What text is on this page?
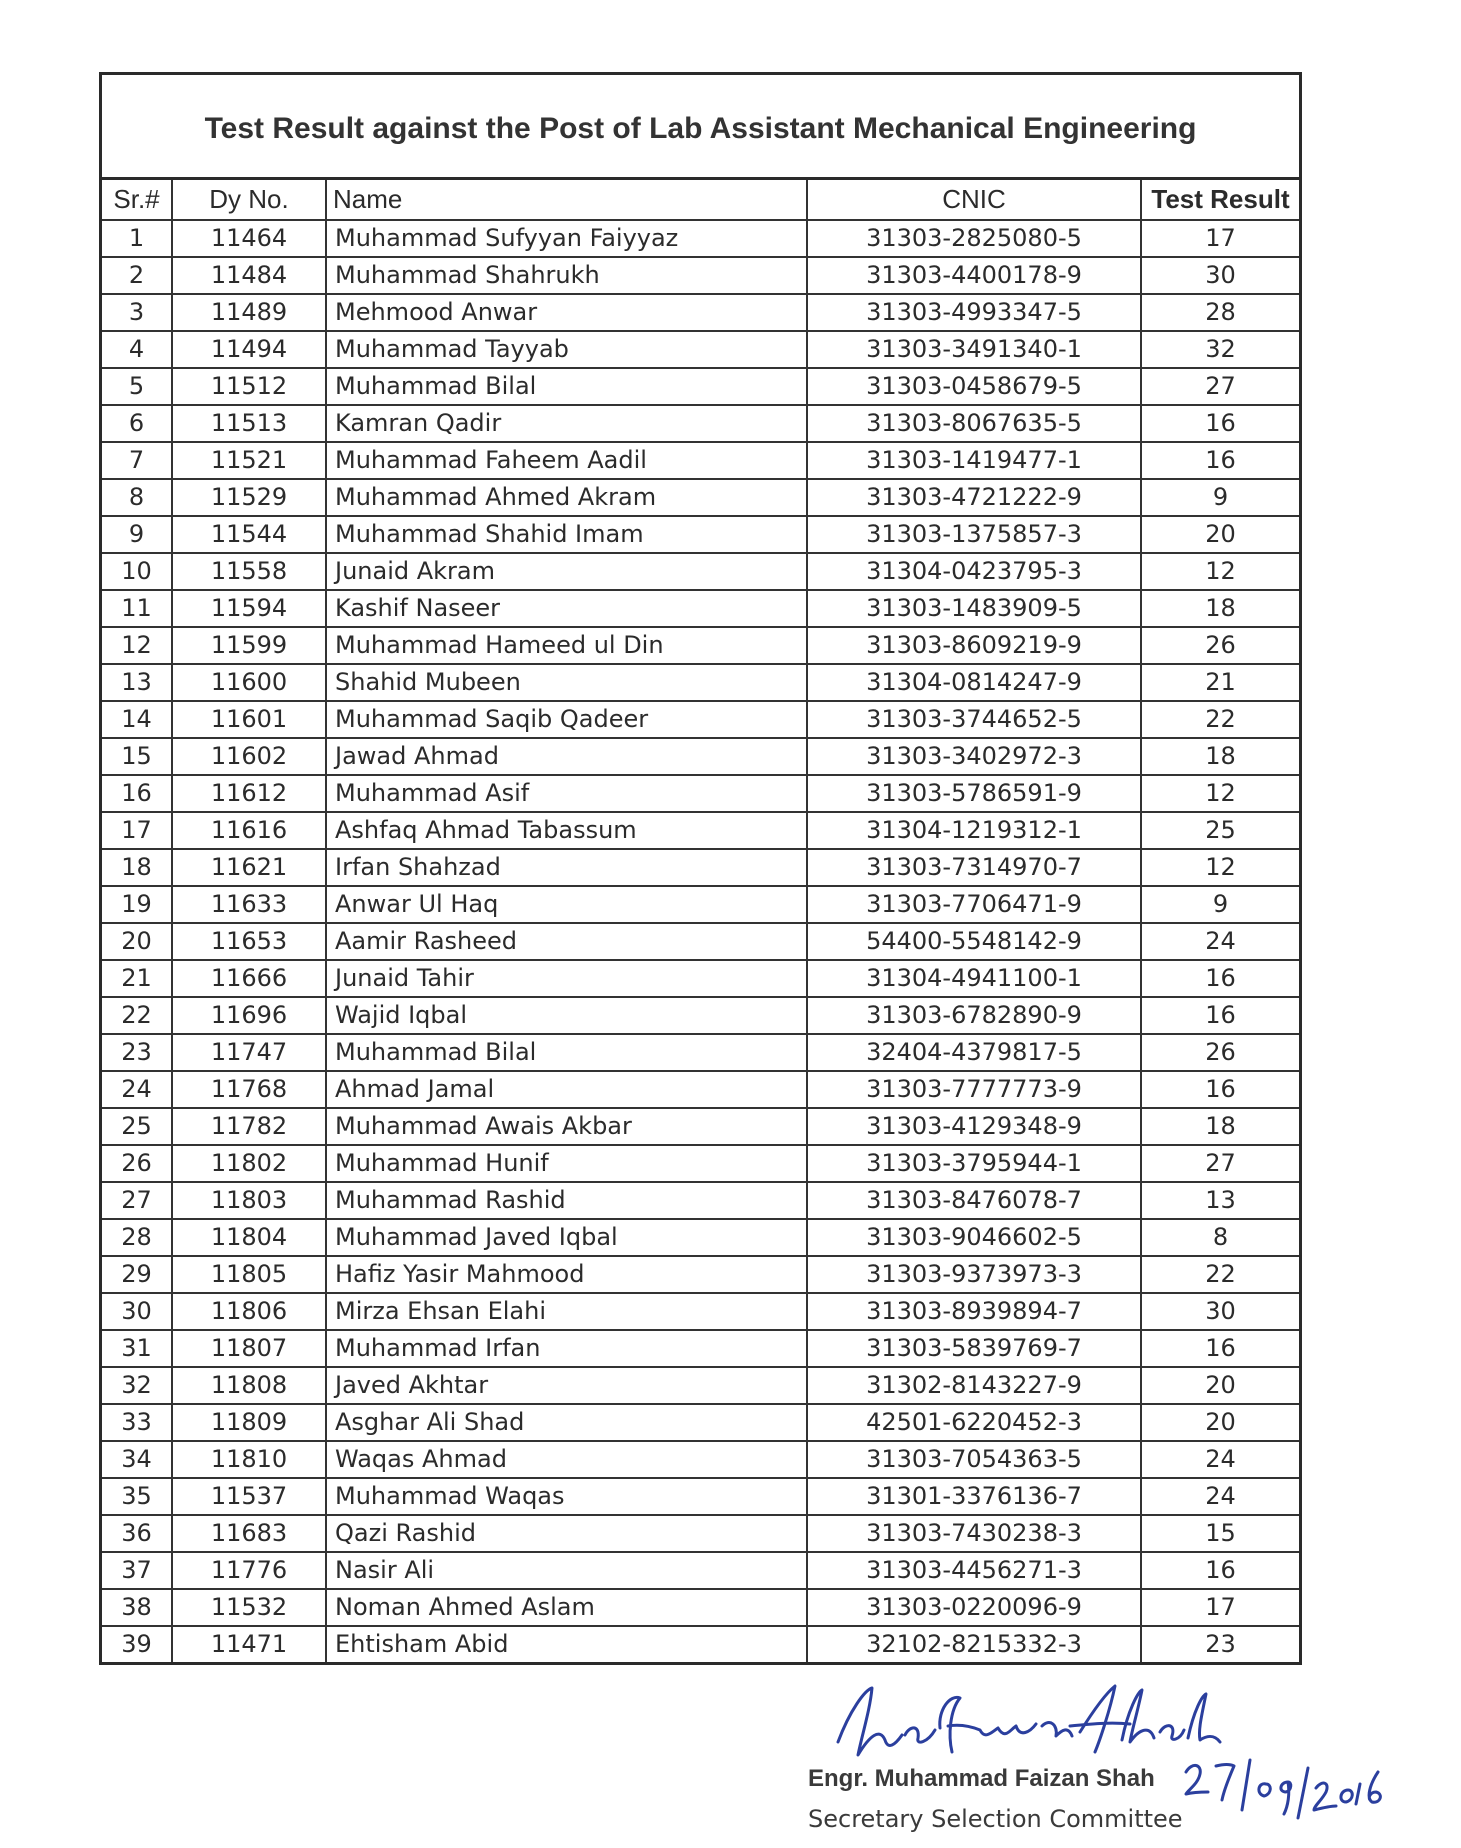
Test Result against the Post of Lab Assistant Mechanical Engineering
Sr.#	Dy No.	Name	CNIC	Test Result
1	11464	Muhammad Sufyyan Faiyyaz	31303-2825080-5	17
2	11484	Muhammad Shahrukh	31303-4400178-9	30
3	11489	Mehmood Anwar	31303-4993347-5	28
4	11494	Muhammad Tayyab	31303-3491340-1	32
5	11512	Muhammad Bilal	31303-0458679-5	27
6	11513	Kamran Qadir	31303-8067635-5	16
7	11521	Muhammad Faheem Aadil	31303-1419477-1	16
8	11529	Muhammad Ahmed Akram	31303-4721222-9	9
9	11544	Muhammad Shahid Imam	31303-1375857-3	20
10	11558	Junaid Akram	31304-0423795-3	12
11	11594	Kashif Naseer	31303-1483909-5	18
12	11599	Muhammad Hameed ul Din	31303-8609219-9	26
13	11600	Shahid Mubeen	31304-0814247-9	21
14	11601	Muhammad Saqib Qadeer	31303-3744652-5	22
15	11602	Jawad Ahmad	31303-3402972-3	18
16	11612	Muhammad Asif	31303-5786591-9	12
17	11616	Ashfaq Ahmad Tabassum	31304-1219312-1	25
18	11621	Irfan Shahzad	31303-7314970-7	12
19	11633	Anwar Ul Haq	31303-7706471-9	9
20	11653	Aamir Rasheed	54400-5548142-9	24
21	11666	Junaid Tahir	31304-4941100-1	16
22	11696	Wajid Iqbal	31303-6782890-9	16
23	11747	Muhammad Bilal	32404-4379817-5	26
24	11768	Ahmad Jamal	31303-7777773-9	16
25	11782	Muhammad Awais Akbar	31303-4129348-9	18
26	11802	Muhammad Hunif	31303-3795944-1	27
27	11803	Muhammad Rashid	31303-8476078-7	13
28	11804	Muhammad Javed Iqbal	31303-9046602-5	8
29	11805	Hafiz Yasir Mahmood	31303-9373973-3	22
30	11806	Mirza Ehsan Elahi	31303-8939894-7	30
31	11807	Muhammad Irfan	31303-5839769-7	16
32	11808	Javed Akhtar	31302-8143227-9	20
33	11809	Asghar Ali Shad	42501-6220452-3	20
34	11810	Waqas Ahmad	31303-7054363-5	24
35	11537	Muhammad Waqas	31301-3376136-7	24
36	11683	Qazi Rashid	31303-7430238-3	15
37	11776	Nasir Ali	31303-4456271-3	16
38	11532	Noman Ahmed Aslam	31303-0220096-9	17
39	11471	Ehtisham Abid	32102-8215332-3	23
Engr. Muhammad Faizan Shah
Secretary Selection Committee
